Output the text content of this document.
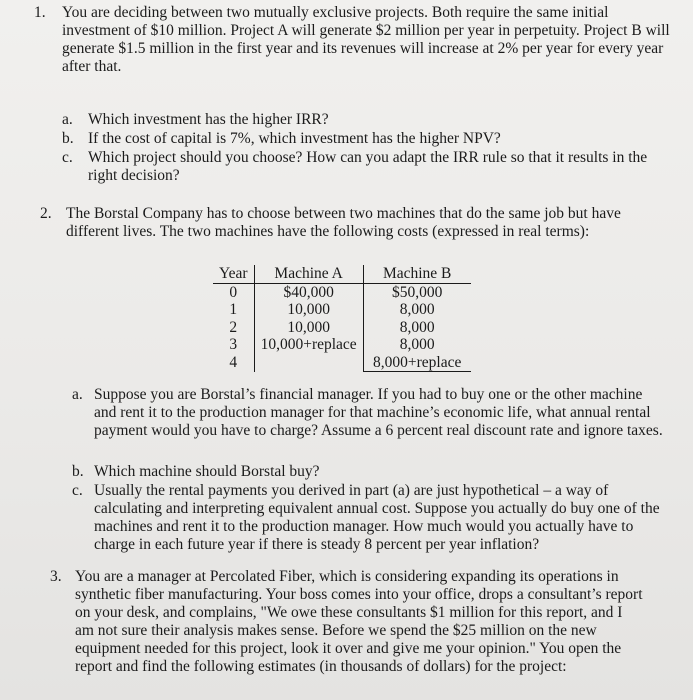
1. You are deciding between two mutually exclusive projects. Both require the same initial investment of $10 million. Project A will generate $2 million per year in perpetuity. Project B will generate $1.5 million in the first year and its revenues will increase at 2% per year for every year after that.
a. Which investment has the higher IRR?
b. If the cost of capital is 7%, which investment has the higher NPV?
c. Which project should you choose? How can you adapt the IRR rule so that it results in the right decision?
2. The Borstal Company has to choose between two machines that do the same job but have different lives. The two machines have the following costs (expressed in real terms):
Year	Machine A	Machine B
0	$40,000	$50,000
1	10,000	8,000
2	10,000	8,000
3	10,000+replace	8,000
4		8,000+replace
a. Suppose you are Borstal’s financial manager. If you had to buy one or the other machine and rent it to the production manager for that machine’s economic life, what annual rental payment would you have to charge? Assume a 6 percent real discount rate and ignore taxes.
b. Which machine should Borstal buy?
c. Usually the rental payments you derived in part (a) are just hypothetical – a way of calculating and interpreting equivalent annual cost. Suppose you actually do buy one of the machines and rent it to the production manager. How much would you actually have to charge in each future year if there is steady 8 percent per year inflation?
3. You are a manager at Percolated Fiber, which is considering expanding its operations in synthetic fiber manufacturing. Your boss comes into your office, drops a consultant’s report on your desk, and complains, "We owe these consultants $1 million for this report, and I am not sure their analysis makes sense. Before we spend the $25 million on the new equipment needed for this project, look it over and give me your opinion." You open the report and find the following estimates (in thousands of dollars) for the project:
